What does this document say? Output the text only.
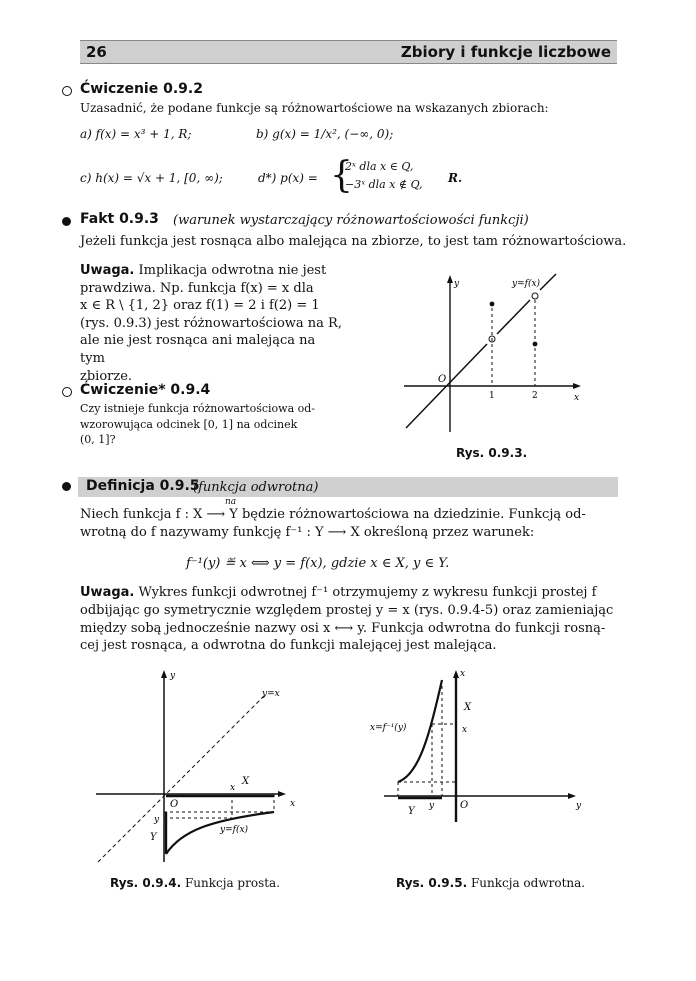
26	Zbiory i funkcje liczbowe
Ćwiczenie 0.9.2
Uzasadnić, że podane funkcje są różnowartościowe na wskazanych zbiorach:
a) f(x) = x³ + 1, R;	b) g(x) = 1/x², (−∞, 0);
c) h(x) = √x + 1, [0, ∞);	d*) p(x) = {
2ˣ dla x ∈ Q,
−3ˣ dla x ∉ Q, R.
Fakt 0.9.3 (warunek wystarczający różnowartościowości funkcji)
Jeżeli funkcja jest rosnąca albo malejąca na zbiorze, to jest tam różnowartościowa.
Uwaga. Implikacja odwrotna nie jest
prawdziwa. Np. funkcja f(x) = x dla
x ∈ R \ {1, 2} oraz f(1) = 2 i f(2) = 1
(rys. 0.9.3) jest różnowartościowa na R,
ale nie jest rosnąca ani malejąca na tym
zbiorze.
Ćwiczenie* 0.9.4
Czy istnieje funkcja różnowartościowa od-
wzorowująca odcinek [0, 1] na odcinek
(0, 1]?
y
x
O
y=f(x)
1	2
Rys. 0.9.3.
Definicja 0.9.5
(funkcja odwrotna)
na
Niech funkcja f : X ⟶ Y będzie różnowartościowa na dziedzinie. Funkcją od-
wrotną do f nazywamy funkcję f⁻¹ : Y ⟶ X określoną przez warunek:
f⁻¹(y) ≝ x ⟺ y = f(x), gdzie x ∈ X, y ∈ Y.
Uwaga. Wykres funkcji odwrotnej f⁻¹ otrzymujemy z wykresu funkcji prostej f
odbijając go symetrycznie względem prostej y = x (rys. 0.9.4-5) oraz zamieniając
między sobą jednocześnie nazwy osi x ⟷ y. Funkcja odwrotna do funkcji rosną-
cej jest rosnąca, a odwrotna do funkcji malejącej jest malejąca.
y
x
y=x
X
x
O
y
Y
y=f(x)
Rys. 0.9.4. Funkcja prosta.
x
X
x=f⁻¹(y)	x
Y y	O	y
Rys. 0.9.5. Funkcja odwrotna.
